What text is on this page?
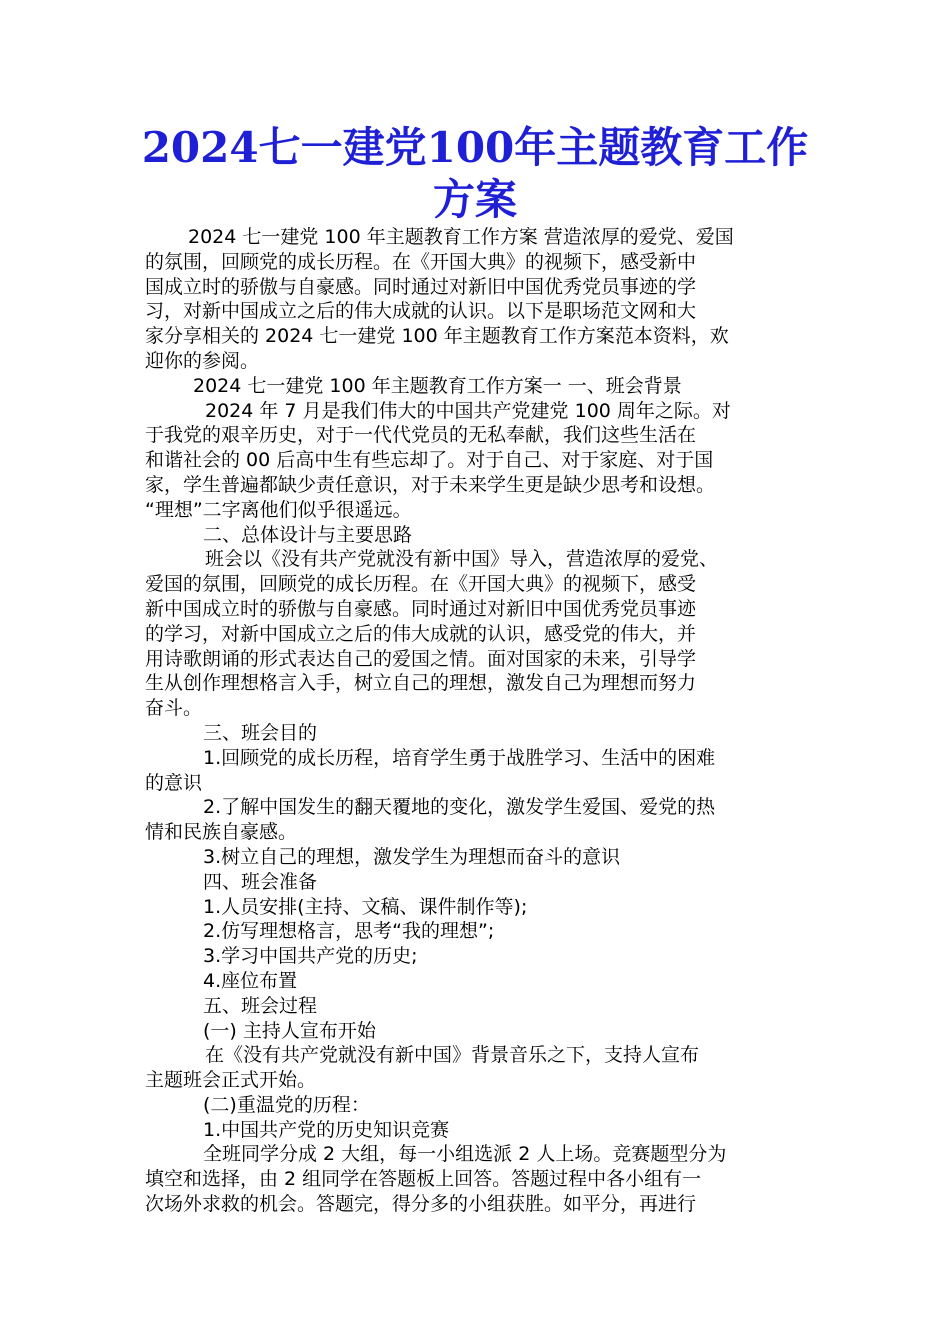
2024七一建党100年主题教育工作
方案
2024 七一建党 100 年主题教育工作方案 营造浓厚的爱党、爱国
的氛围，回顾党的成长历程。在《开国大典》的视频下，感受新中
国成立时的骄傲与自豪感。同时通过对新旧中国优秀党员事迹的学
习，对新中国成立之后的伟大成就的认识。以下是职场范文网和大
家分享相关的 2024 七一建党 100 年主题教育工作方案范本资料，欢
迎你的参阅。
2024 七一建党 100 年主题教育工作方案一 一、班会背景
2024 年 7 月是我们伟大的中国共产党建党 100 周年之际。对
于我党的艰辛历史，对于一代代党员的无私奉献，我们这些生活在
和谐社会的 00 后高中生有些忘却了。对于自己、对于家庭、对于国
家，学生普遍都缺少责任意识，对于未来学生更是缺少思考和设想。
“理想”二字离他们似乎很遥远。
二、总体设计与主要思路
班会以《没有共产党就没有新中国》导入，营造浓厚的爱党、
爱国的氛围，回顾党的成长历程。在《开国大典》的视频下，感受
新中国成立时的骄傲与自豪感。同时通过对新旧中国优秀党员事迹
的学习，对新中国成立之后的伟大成就的认识，感受党的伟大，并
用诗歌朗诵的形式表达自己的爱国之情。面对国家的未来，引导学
生从创作理想格言入手，树立自己的理想，激发自己为理想而努力
奋斗。
三、班会目的
1.回顾党的成长历程，培育学生勇于战胜学习、生活中的困难
的意识
2.了解中国发生的翻天覆地的变化，激发学生爱国、爱党的热
情和民族自豪感。
3.树立自己的理想，激发学生为理想而奋斗的意识
四、班会准备
1.人员安排(主持、文稿、课件制作等);
2.仿写理想格言，思考“我的理想”;
3.学习中国共产党的历史;
4.座位布置
五、班会过程
(一) 主持人宣布开始
在《没有共产党就没有新中国》背景音乐之下，支持人宣布
主题班会正式开始。
(二)重温党的历程：
1.中国共产党的历史知识竞赛
全班同学分成 2 大组，每一小组选派 2 人上场。竞赛题型分为
填空和选择，由 2 组同学在答题板上回答。答题过程中各小组有一
次场外求救的机会。答题完，得分多的小组获胜。如平分，再进行
